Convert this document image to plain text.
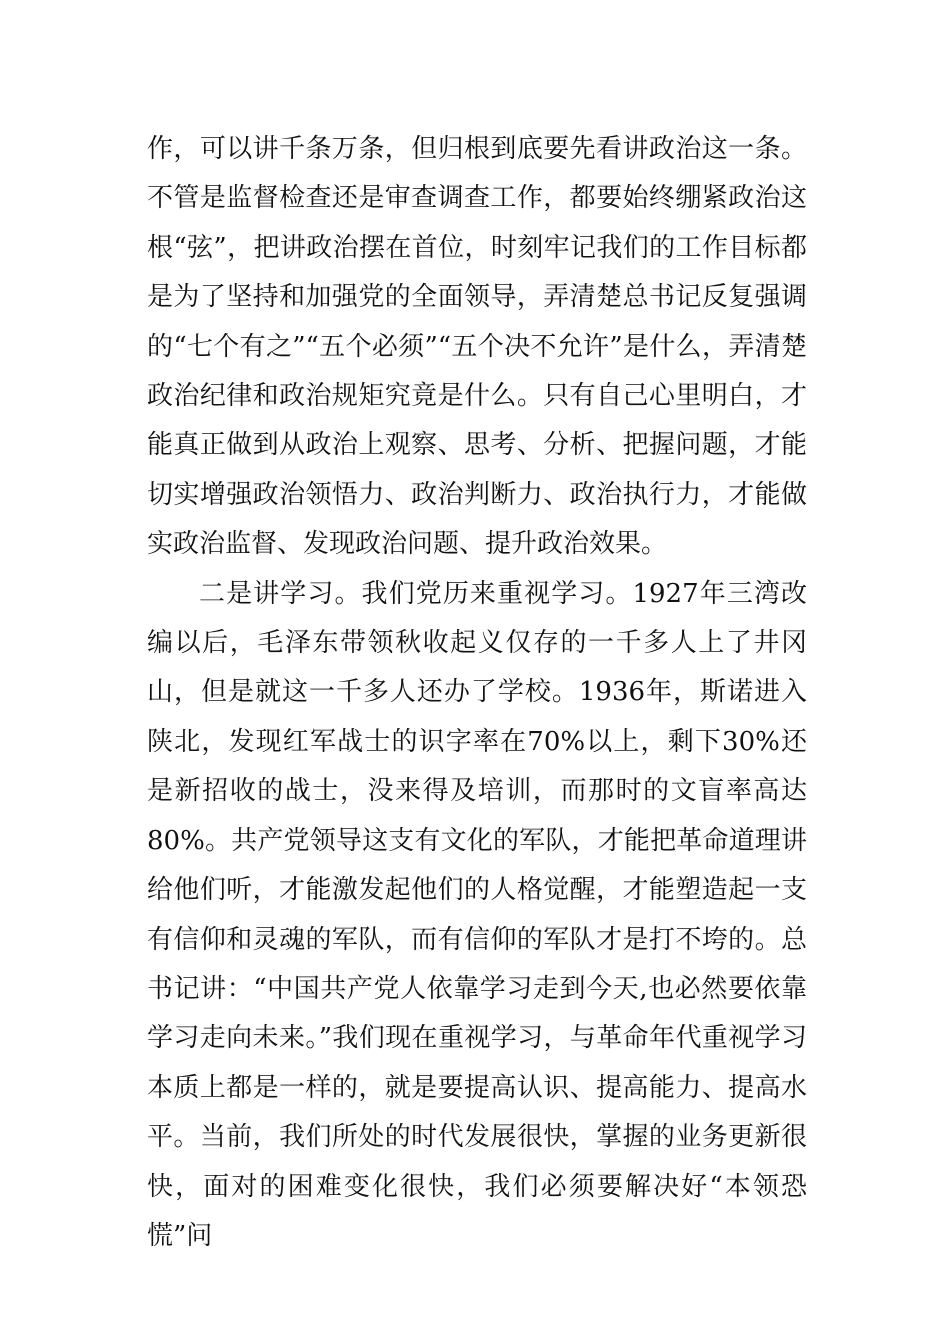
作，可以讲千条万条，但归根到底要先看讲政治这一条。不管是监督检查还是审查调查工作，都要始终绷紧政治这根“弦”，把讲政治摆在首位，时刻牢记我们的工作目标都是为了坚持和加强党的全面领导，弄清楚总书记反复强调的“七个有之”“五个必须”“五个决不允许”是什么，弄清楚政治纪律和政治规矩究竟是什么。只有自己心里明白，才能真正做到从政治上观察、思考、分析、把握问题，才能切实增强政治领悟力、政治判断力、政治执行力，才能做实政治监督、发现政治问题、提升政治效果。

二是讲学习。我们党历来重视学习。1927年三湾改编以后，毛泽东带领秋收起义仅存的一千多人上了井冈山，但是就这一千多人还办了学校。1936年，斯诺进入陕北，发现红军战士的识字率在70%以上，剩下30%还是新招收的战士，没来得及培训，而那时的文盲率高达80%。共产党领导这支有文化的军队，才能把革命道理讲给他们听，才能激发起他们的人格觉醒，才能塑造起一支有信仰和灵魂的军队，而有信仰的军队才是打不垮的。总书记讲：“中国共产党人依靠学习走到今天,也必然要依靠学习走向未来。”我们现在重视学习，与革命年代重视学习本质上都是一样的，就是要提高认识、提高能力、提高水平。当前，我们所处的时代发展很快，掌握的业务更新很快，面对的困难变化很快，我们必须要解决好“本领恐慌”问
